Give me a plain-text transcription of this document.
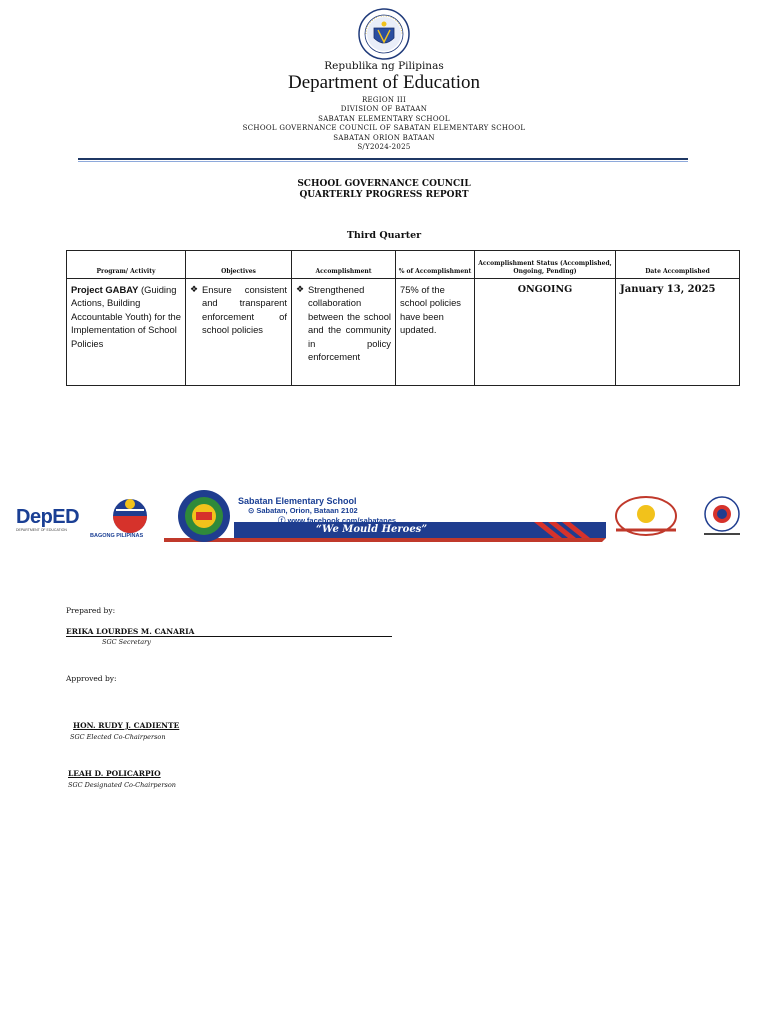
Republika ng Pilipinas
Department of Education
REGION III
DIVISION OF BATAAN
SABATAN ELEMENTARY SCHOOL
SCHOOL GOVERNANCE COUNCIL OF SABATAN ELEMENTARY SCHOOL
SABATAN ORION BATAAN
S/Y2024-2025
SCHOOL GOVERNANCE COUNCIL
QUARTERLY PROGRESS REPORT
Third Quarter
Program/ Activity	Objectives	Accomplishment	% of Accomplishment	Accomplishment Status (Accomplished, Ongoing, Pending)	Date Accomplished
Project GABAY (Guiding Actions, Building Accountable Youth) for the Implementation of School Policies	❖ Ensure consistent and transparent enforcement of school policies	❖ Strengthened collaboration between the school and the community in policy enforcement	75% of the school policies have been updated.	ONGOING	January 13, 2025
DepED
DEPARTMENT OF EDUCATION
BAGONG PILIPINAS
Sabatan Elementary School
⊙ Sabatan, Orion, Bataan 2102
ⓕ www.facebook.com/sabatanes
“We Mould Heroes”
Prepared by:
ERIKA LOURDES M. CANARIA
SGC Secretary
Approved by:
HON. RUDY J. CADIENTE
SGC Elected Co-Chairperson
LEAH D. POLICARPIO
SGC Designated Co-Chairperson
